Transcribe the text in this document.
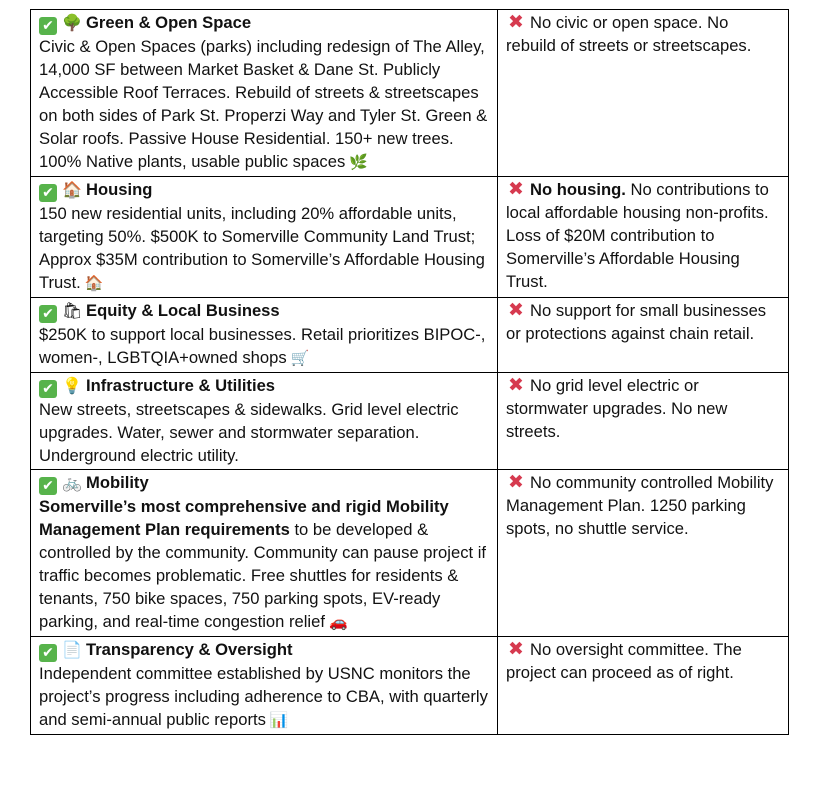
✔ 🌳 Green & Open Space
Civic & Open Spaces (parks) including redesign of The Alley, 14,000 SF between Market Basket & Dane St. Publicly Accessible Roof Terraces. Rebuild of streets & streetscapes on both sides of Park St. Properzi Way and Tyler St. Green & Solar roofs. Passive House Residential. 150+ new trees. 100% Native plants, usable public spaces 🌿	✖ No civic or open space. No rebuild of streets or streetscapes.

✔ 🏠 Housing
150 new residential units, including 20% affordable units, targeting 50%. $500K to Somerville Community Land Trust; Approx $35M contribution to Somerville’s Affordable Housing Trust. 🏠	✖ No housing. No contributions to local affordable housing non-profits. Loss of $20M contribution to Somerville’s Affordable Housing Trust.

✔ 🛍 Equity & Local Business
$250K to support local businesses. Retail prioritizes BIPOC-, women-, LGBTQIA+owned shops 🛒	✖ No support for small businesses or protections against chain retail.

✔ 💡 Infrastructure & Utilities
New streets, streetscapes & sidewalks. Grid level electric upgrades. Water, sewer and stormwater separation. Underground electric utility.	✖ No grid level electric or stormwater upgrades. No new streets.

✔ 🚲 Mobility
Somerville’s most comprehensive and rigid Mobility Management Plan requirements to be developed & controlled by the community. Community can pause project if traffic becomes problematic. Free shuttles for residents & tenants, 750 bike spaces, 750 parking spots, EV-ready parking, and real-time congestion relief 🚗	✖ No community controlled Mobility Management Plan. 1250 parking spots, no shuttle service.

✔ 📄 Transparency & Oversight
Independent committee established by USNC monitors the project’s progress including adherence to CBA, with quarterly and semi-annual public reports 📊	✖ No oversight committee. The project can proceed as of right.
